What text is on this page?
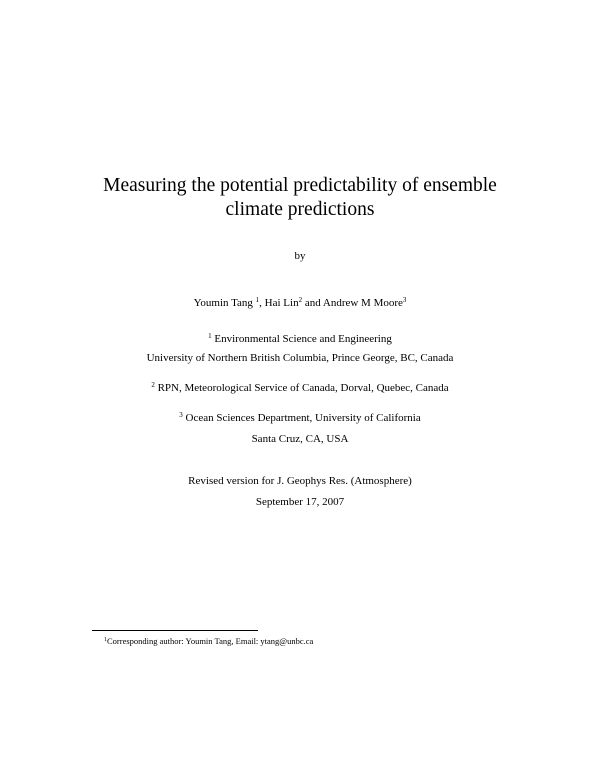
Measuring the potential predictability of ensemble
climate predictions
by
Youmin Tang $^1$, Hai Lin$^2$ and Andrew M Moore$^3$
$^1$ Environmental Science and Engineering
University of Northern British Columbia, Prince George, BC, Canada
$^2$ RPN, Meteorological Service of Canada, Dorval, Quebec, Canada
$^3$ Ocean Sciences Department, University of California
Santa Cruz, CA, USA
Revised version for J. Geophys Res. (Atmosphere)
September 17, 2007
$^1$Corresponding author: Youmin Tang, Email: ytang@unbc.ca
